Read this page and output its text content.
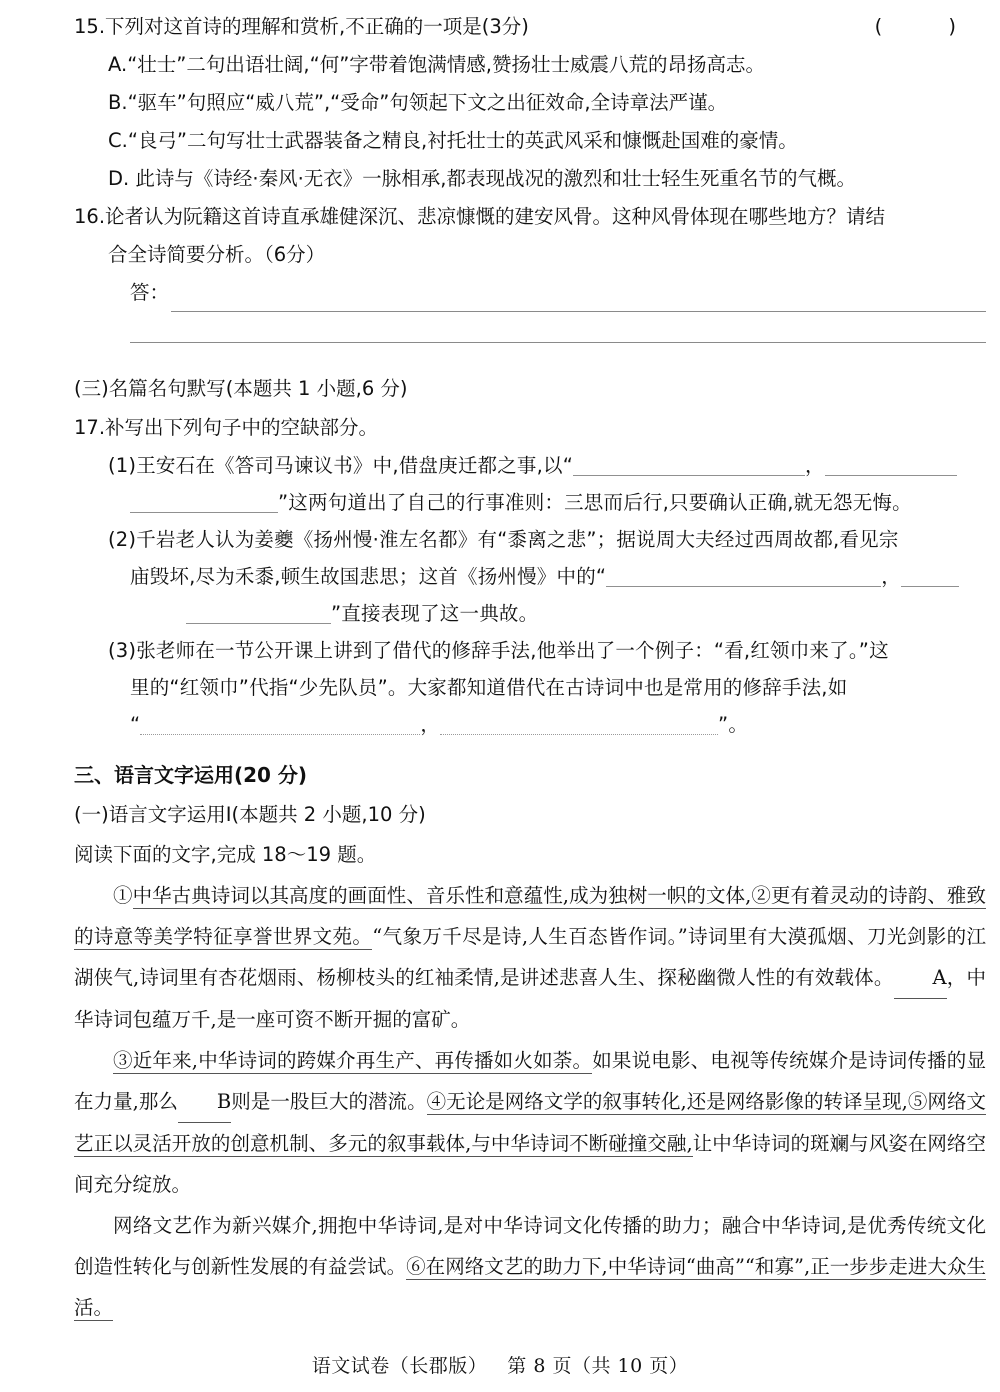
15.下列对这首诗的理解和赏析,不正确的一项是(3分)	( )
A.“壮士”二句出语壮阔,“何”字带着饱满情感,赞扬壮士威震八荒的昂扬高志。
B.“驱车”句照应“威八荒”,“受命”句领起下文之出征效命,全诗章法严谨。
C.“良弓”二句写壮士武器装备之精良,衬托壮士的英武风采和慷慨赴国难的豪情。
D. 此诗与《诗经·秦风·无衣》一脉相承,都表现战况的激烈和壮士轻生死重名节的气概。
16.论者认为阮籍这首诗直承雄健深沉、悲凉慷慨的建安风骨。这种风骨体现在哪些地方？请结
合全诗简要分析。（6分）
答：
(三)名篇名句默写(本题共 1 小题,6 分)
17.补写出下列句子中的空缺部分。
(1)王安石在《答司马谏议书》中,借盘庚迁都之事,以“	，
”这两句道出了自己的行事准则：三思而后行,只要确认正确,就无怨无悔。
(2)千岩老人认为姜夔《扬州慢·淮左名都》有“黍离之悲”；据说周大夫经过西周故都,看见宗
庙毁坏,尽为禾黍,顿生故国悲思；这首《扬州慢》中的“	，
”直接表现了这一典故。
(3)张老师在一节公开课上讲到了借代的修辞手法,他举出了一个例子：“看,红领巾来了。”这
里的“红领巾”代指“少先队员”。大家都知道借代在古诗词中也是常用的修辞手法,如
“	，	”。
三、语言文字运用(20 分)
(一)语言文字运用Ⅰ(本题共 2 小题,10 分)
阅读下面的文字,完成 18～19 题。

①中华古典诗词以其高度的画面性、音乐性和意蕴性,成为独树一帜的文体,②更有着灵动的诗韵、雅致的诗意等美学特征享誉世界文苑。“气象万千尽是诗,人生百态皆作词。”诗词里有大漠孤烟、刀光剑影的江湖侠气,诗词里有杏花烟雨、杨柳枝头的红袖柔情,是讲述悲喜人生、探秘幽微人性的有效载体。 A，中华诗词包蕴万千,是一座可资不断开掘的富矿。

③近年来,中华诗词的跨媒介再生产、再传播如火如荼。如果说电影、电视等传统媒介是诗词传播的显在力量,那么 B则是一股巨大的潜流。④无论是网络文学的叙事转化,还是网络影像的转译呈现,⑤网络文艺正以灵活开放的创意机制、多元的叙事载体,与中华诗词不断碰撞交融,让中华诗词的斑斓与风姿在网络空间充分绽放。

网络文艺作为新兴媒介,拥抱中华诗词,是对中华诗词文化传播的助力；融合中华诗词,是优秀传统文化创造性转化与创新性发展的有益尝试。⑥在网络文艺的助力下,中华诗词“曲高”“和寡”,正一步步走进大众生活。

语文试卷（长郡版） 第 8 页（共 10 页）
